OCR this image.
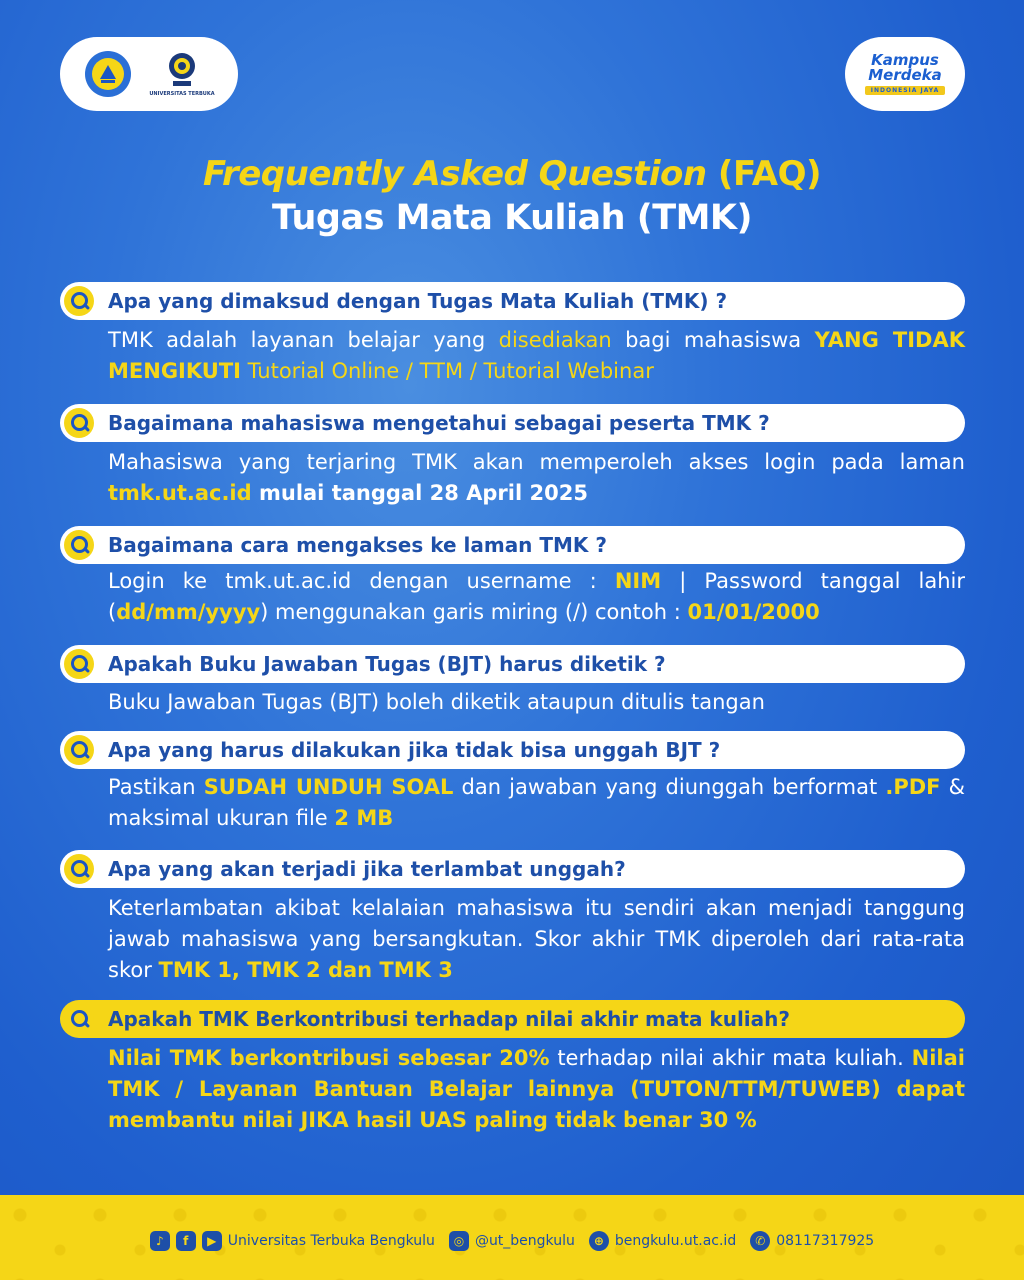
UNIVERSITAS TERBUKA
Kampus
Merdeka
INDONESIA JAYA
Frequently Asked Question (FAQ)
Tugas Mata Kuliah (TMK)
Apa yang dimaksud dengan Tugas Mata Kuliah (TMK) ?
TMK adalah layanan belajar yang disediakan bagi mahasiswa YANG TIDAK MENGIKUTI Tutorial Online / TTM / Tutorial Webinar
Bagaimana mahasiswa mengetahui sebagai peserta TMK ?
Mahasiswa yang terjaring TMK akan memperoleh akses login pada laman tmk.ut.ac.id mulai tanggal 28 April 2025
Bagaimana cara mengakses ke laman TMK ?
Login ke tmk.ut.ac.id dengan username : NIM | Password tanggal lahir (dd/mm/yyyy) menggunakan garis miring (/) contoh : 01/01/2000
Apakah Buku Jawaban Tugas (BJT) harus diketik ?
Buku Jawaban Tugas (BJT) boleh diketik ataupun ditulis tangan
Apa yang harus dilakukan jika tidak bisa unggah BJT ?
Pastikan SUDAH UNDUH SOAL dan jawaban yang diunggah berformat .PDF & maksimal ukuran file 2 MB
Apa yang akan terjadi jika terlambat unggah?
Keterlambatan akibat kelalaian mahasiswa itu sendiri akan menjadi tanggung jawab mahasiswa yang bersangkutan. Skor akhir TMK diperoleh dari rata-rata skor TMK 1, TMK 2 dan TMK 3
Apakah TMK Berkontribusi terhadap nilai akhir mata kuliah?
Nilai TMK berkontribusi sebesar 20% terhadap nilai akhir mata kuliah. Nilai TMK / Layanan Bantuan Belajar lainnya (TUTON/TTM/TUWEB) dapat membantu nilai JIKA hasil UAS paling tidak benar 30 %
♪	f	▶ Universitas Terbuka Bengkulu	◎ @ut_bengkulu	⊕ bengkulu.ut.ac.id	✆ 08117317925
